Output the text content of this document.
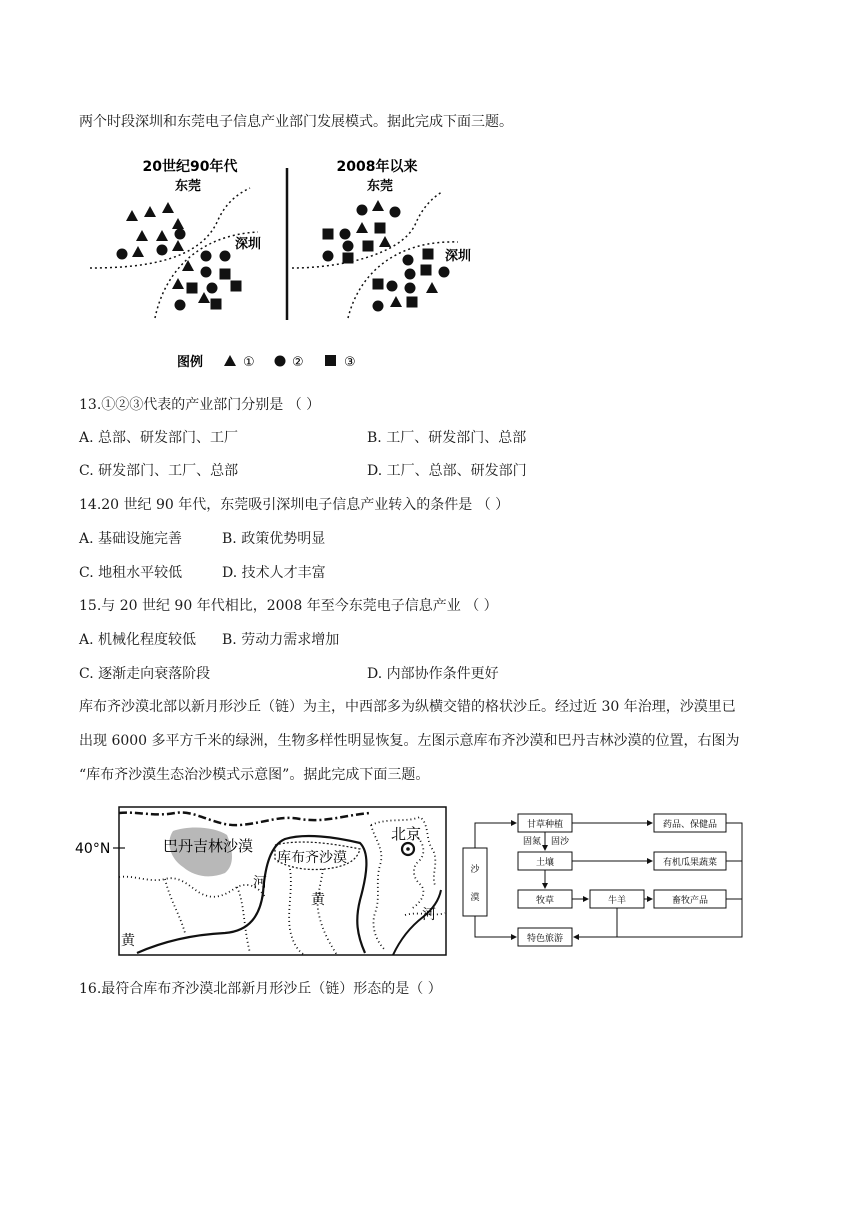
两个时段深圳和东莞电子信息产业部门发展模式。据此完成下面三题。
20世纪90年代	2008年以来
东莞
深圳
东莞
深圳
图例	①	②	③
13.①②③代表的产业部门分别是 （ ）
A. 总部、研发部门、工厂	B. 工厂、研发部门、总部
C. 研发部门、工厂、总部	D. 工厂、总部、研发部门
14.20 世纪 90 年代，东莞吸引深圳电子信息产业转入的条件是 （ ）
A. 基础设施完善	B. 政策优势明显
C. 地租水平较低	D. 技术人才丰富
15.与 20 世纪 90 年代相比，2008 年至今东莞电子信息产业 （ ）
A. 机械化程度较低 B. 劳动力需求增加
C. 逐渐走向衰落阶段	D. 内部协作条件更好
库布齐沙漠北部以新月形沙丘（链）为主，中西部多为纵横交错的格状沙丘。经过近 30 年治理，沙漠里已
出现 6000 多平方千米的绿洲，生物多样性明显恢复。左图示意库布齐沙漠和巴丹吉林沙漠的位置，右图为
“库布齐沙漠生态治沙模式示意图”。据此完成下面三题。
40°N
北京
巴丹吉林沙漠
库布齐沙漠
河
黄
黄
河
沙
漠
甘草种植
固氮 固沙
土壤
牧草	牛羊
特色旅游
药品、保健品
有机瓜果蔬菜
畜牧产品
16.最符合库布齐沙漠北部新月形沙丘（链）形态的是（ ）
